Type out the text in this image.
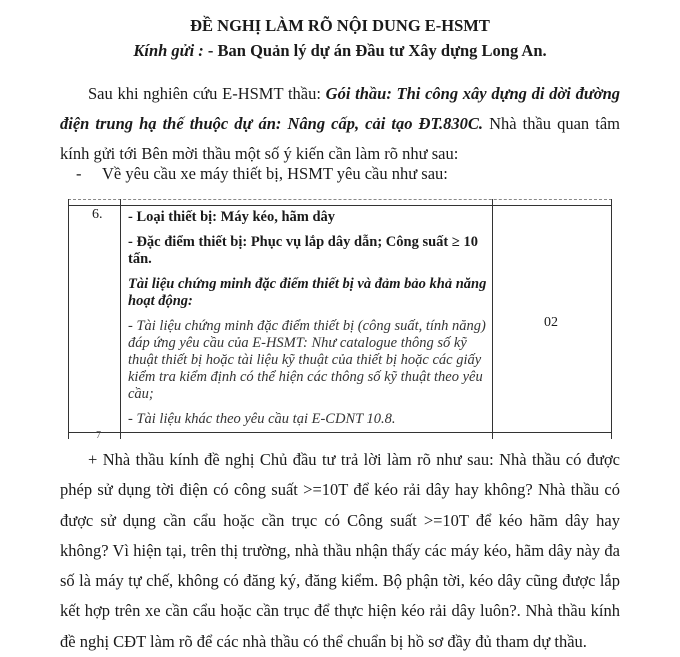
ĐỀ NGHỊ LÀM RÕ NỘI DUNG E-HSMT
Kính gửi : - Ban Quản lý dự án Đầu tư Xây dựng Long An.
Sau khi nghiên cứu E-HSMT thầu: Gói thầu: Thi công xây dựng di dời đường điện trung hạ thế thuộc dự án: Nâng cấp, cải tạo ĐT.830C. Nhà thầu quan tâm kính gửi tới Bên mời thầu một số ý kiến cần làm rõ như sau:
- Về yêu cầu xe máy thiết bị, HSMT yêu cầu như sau:
6. - Loại thiết bị: Máy kéo, hãm dây
- Đặc điểm thiết bị: Phục vụ lắp dây dẫn; Công suất ≥ 10 tấn.
Tài liệu chứng minh đặc điểm thiết bị và đảm bảo khả năng hoạt động:
- Tài liệu chứng minh đặc điểm thiết bị (công suất, tính năng) đáp ứng yêu cầu của E-HSMT: Như catalogue thông số kỹ thuật thiết bị hoặc tài liệu kỹ thuật của thiết bị hoặc các giấy kiểm tra kiểm định có thể hiện các thông số kỹ thuật theo yêu cầu;
- Tài liệu khác theo yêu cầu tại E-CDNT 10.8.
02
7
+ Nhà thầu kính đề nghị Chủ đầu tư trả lời làm rõ như sau: Nhà thầu có được phép sử dụng tời điện có công suất >=10T để kéo rải dây hay không? Nhà thầu có được sử dụng cần cẩu hoặc cần trục có Công suất >=10T để kéo hãm dây hay không? Vì hiện tại, trên thị trường, nhà thầu nhận thấy các máy kéo, hãm dây này đa số là máy tự chế, không có đăng ký, đăng kiểm. Bộ phận tời, kéo dây cũng được lắp kết hợp trên xe cần cẩu hoặc cần trục để thực hiện kéo rải dây luôn?. Nhà thầu kính đề nghị CĐT làm rõ để các nhà thầu có thể chuẩn bị hồ sơ đầy đủ tham dự thầu.
